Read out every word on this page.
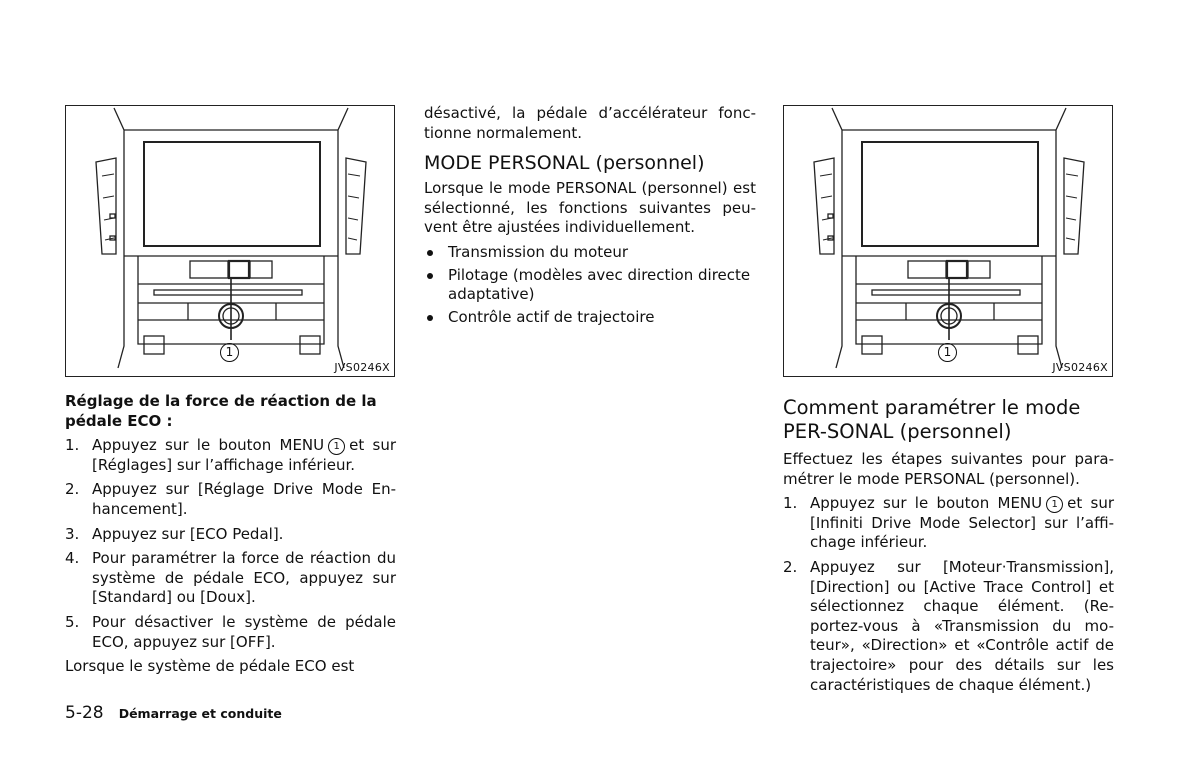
1
JVS0246X

Réglage de la force de réaction de la pédale ECO :

1. Appuyez sur le bouton MENU 1 et sur [Réglages] sur l’affichage inférieur.
2. Appuyez sur [Réglage Drive Mode En-hancement].
3. Appuyez sur [ECO Pedal].
4. Pour paramétrer la force de réaction du système de pédale ECO, appuyez sur [Standard] ou [Doux].
5. Pour désactiver le système de pédale ECO, appuyez sur [OFF].

Lorsque le système de pédale ECO est

désactivé, la pédale d’accélérateur fonc-tionne normalement.

MODE PERSONAL (personnel)

Lorsque le mode PERSONAL (personnel) est sélectionné, les fonctions suivantes peu-vent être ajustées individuellement.

Transmission du moteur
Pilotage (modèles avec direction directe adaptative)
Contrôle actif de trajectoire
1
JVS0246X
Comment paramétrer le mode PER-SONAL (personnel)

Effectuez les étapes suivantes pour para-métrer le mode PERSONAL (personnel).

1. Appuyez sur le bouton MENU 1 et sur [Infiniti Drive Mode Selector] sur l’affi-chage inférieur.
2. Appuyez sur [Moteur·Transmission], [Direction] ou [Active Trace Control] et sélectionnez chaque élément. (Re-portez-vous à «Transmission du mo-teur», «Direction» et «Contrôle actif de trajectoire» pour des détails sur les caractéristiques de chaque élément.)
5-28 Démarrage et conduite
